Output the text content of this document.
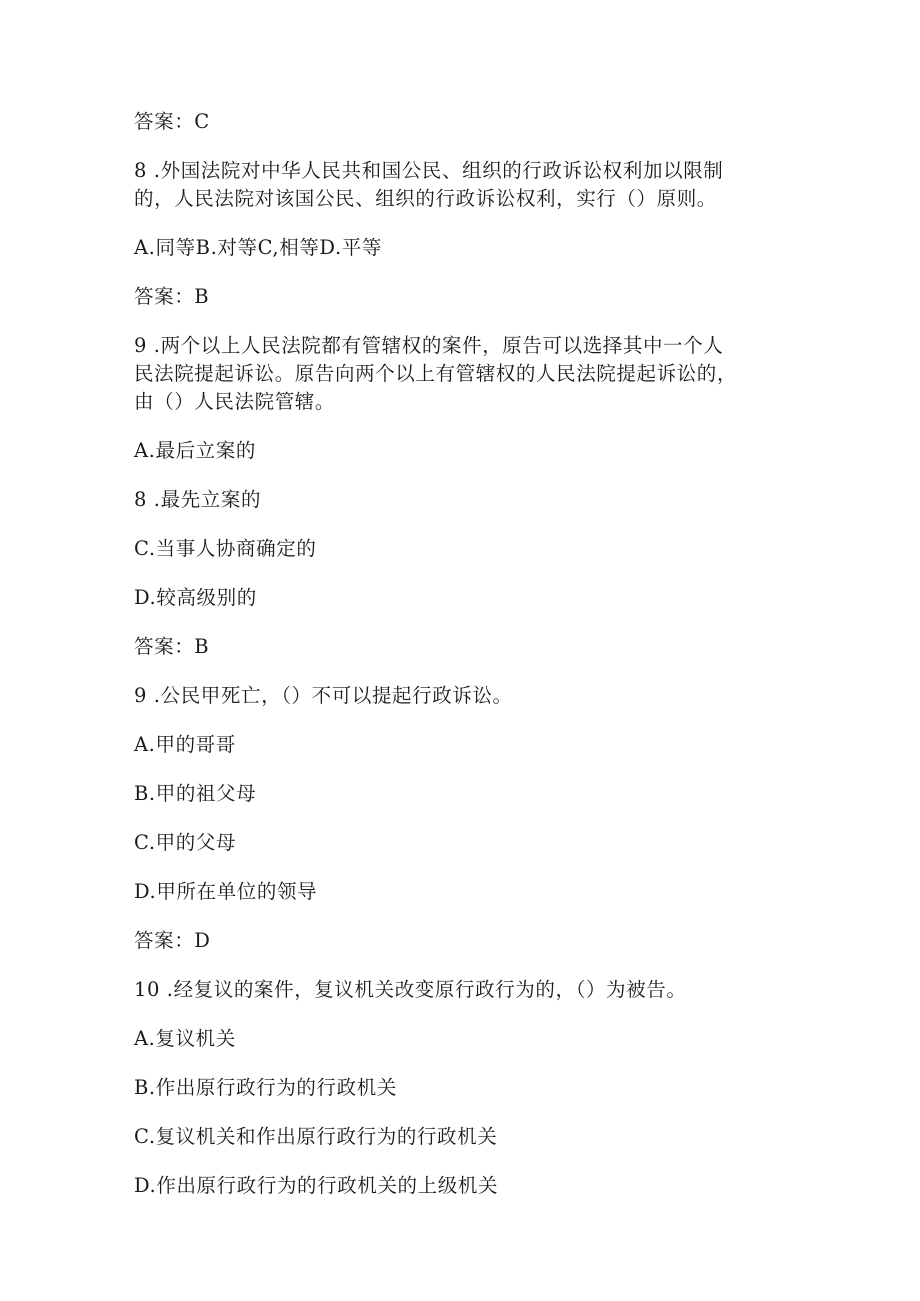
答案：C
8 .外国法院对中华人民共和国公民、组织的行政诉讼权利加以限制
的，人民法院对该国公民、组织的行政诉讼权利，实行（）原则。
A.同等B.对等C,相等D.平等
答案：B
9 .两个以上人民法院都有管辖权的案件，原告可以选择其中一个人
民法院提起诉讼。原告向两个以上有管辖权的人民法院提起诉讼的，
由（）人民法院管辖。
A.最后立案的
8 .最先立案的
C.当事人协商确定的
D.较高级别的
答案：B
9 .公民甲死亡，（）不可以提起行政诉讼。
A.甲的哥哥
B.甲的祖父母
C.甲的父母
D.甲所在单位的领导
答案：D
10 .经复议的案件，复议机关改变原行政行为的，（）为被告。
A.复议机关
B.作出原行政行为的行政机关
C.复议机关和作出原行政行为的行政机关
D.作出原行政行为的行政机关的上级机关
